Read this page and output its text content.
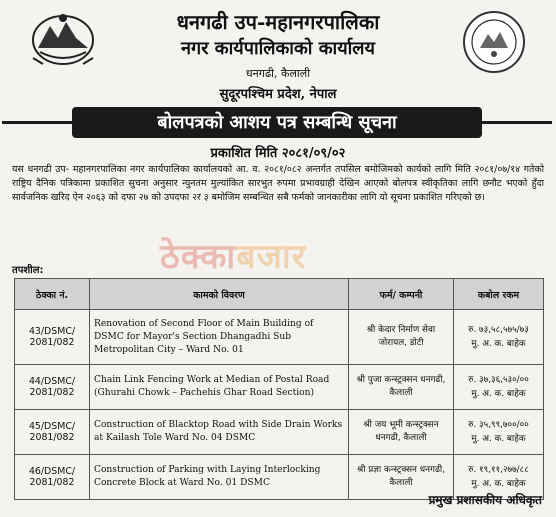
धनगढी उप-महानगरपालिका
नगर कार्यपालिकाको कार्यालय
धनगढी, कैलाली
सुदूरपश्चिम प्रदेश, नेपाल
बोलपत्रको आशय पत्र सम्बन्धि सूचना
प्रकाशित मिति २०८१/०९/०२
यस धनगढी उप- महानगरपालिका नगर कार्यपालिका कार्यालयको आ. व. २०८१/०८२ अन्तर्गत तपसिल बमोजिमको कार्यको लागि मिति २०८१/०७/१४ गतेको राष्ट्रिय दैनिक पत्रिकामा प्रकाशित सुचना अनुसार न्युनतम मुल्यांकित सारभुत रुपमा प्रभावग्राही देखिन आएको बोलपत्र स्वीकृतिका लागि छनौट भएको हुँदा सार्वजनिक खरिद ऐन २०६३ को दफा २७ को उपदफा २र ३ बमोजिम सम्बन्धित सबै फर्मको जानकारीका लागि यो सूचना प्रकाशित गरिएको छ।
ठेक्काबजार
तपशील:
ठेक्का नं.	कामको विवरण	फर्म/ कम्पनी	कबोल रकम
43/DSMC/ 2081/082	Renovation of Second Floor of Main Building of DSMC for Mayor's Section Dhangadhi Sub Metropolitan City – Ward No. 01	श्री केदार निर्माण सेवा जोरायल, डोटी	रु. ७३,५८,५७५/७३
मु. अ. क. बाहेक

44/DSMC/ 2081/082	Chain Link Fencing Work at Median of Postal Road (Ghurahi Chowk – Pachehis Ghar Road Section)	श्री पुजा कन्स्ट्रक्सन धनगढी, कैलाली	रु. ३७,३६,५३०/००
मु. अ. क. बाहेक

45/DSMC/ 2081/082	Construction of Blacktop Road with Side Drain Works at Kailash Tole Ward No. 04 DSMC	श्री जय भूमी कन्स्ट्रक्सन धनगढी, कैलाली	रु. ३५,९९,७००/००
मु. अ. क. बाहेक

46/DSMC/ 2081/082	Construction of Parking with Laying Interlocking Concrete Block at Ward No. 01 DSMC	श्री प्रज्ञा कन्स्ट्रक्सन धनगढी, कैलाली	रु. १९,११,२७७/८८
मु. अ. क. बाहेक
प्रमुख प्रशासकीय अधिकृत
